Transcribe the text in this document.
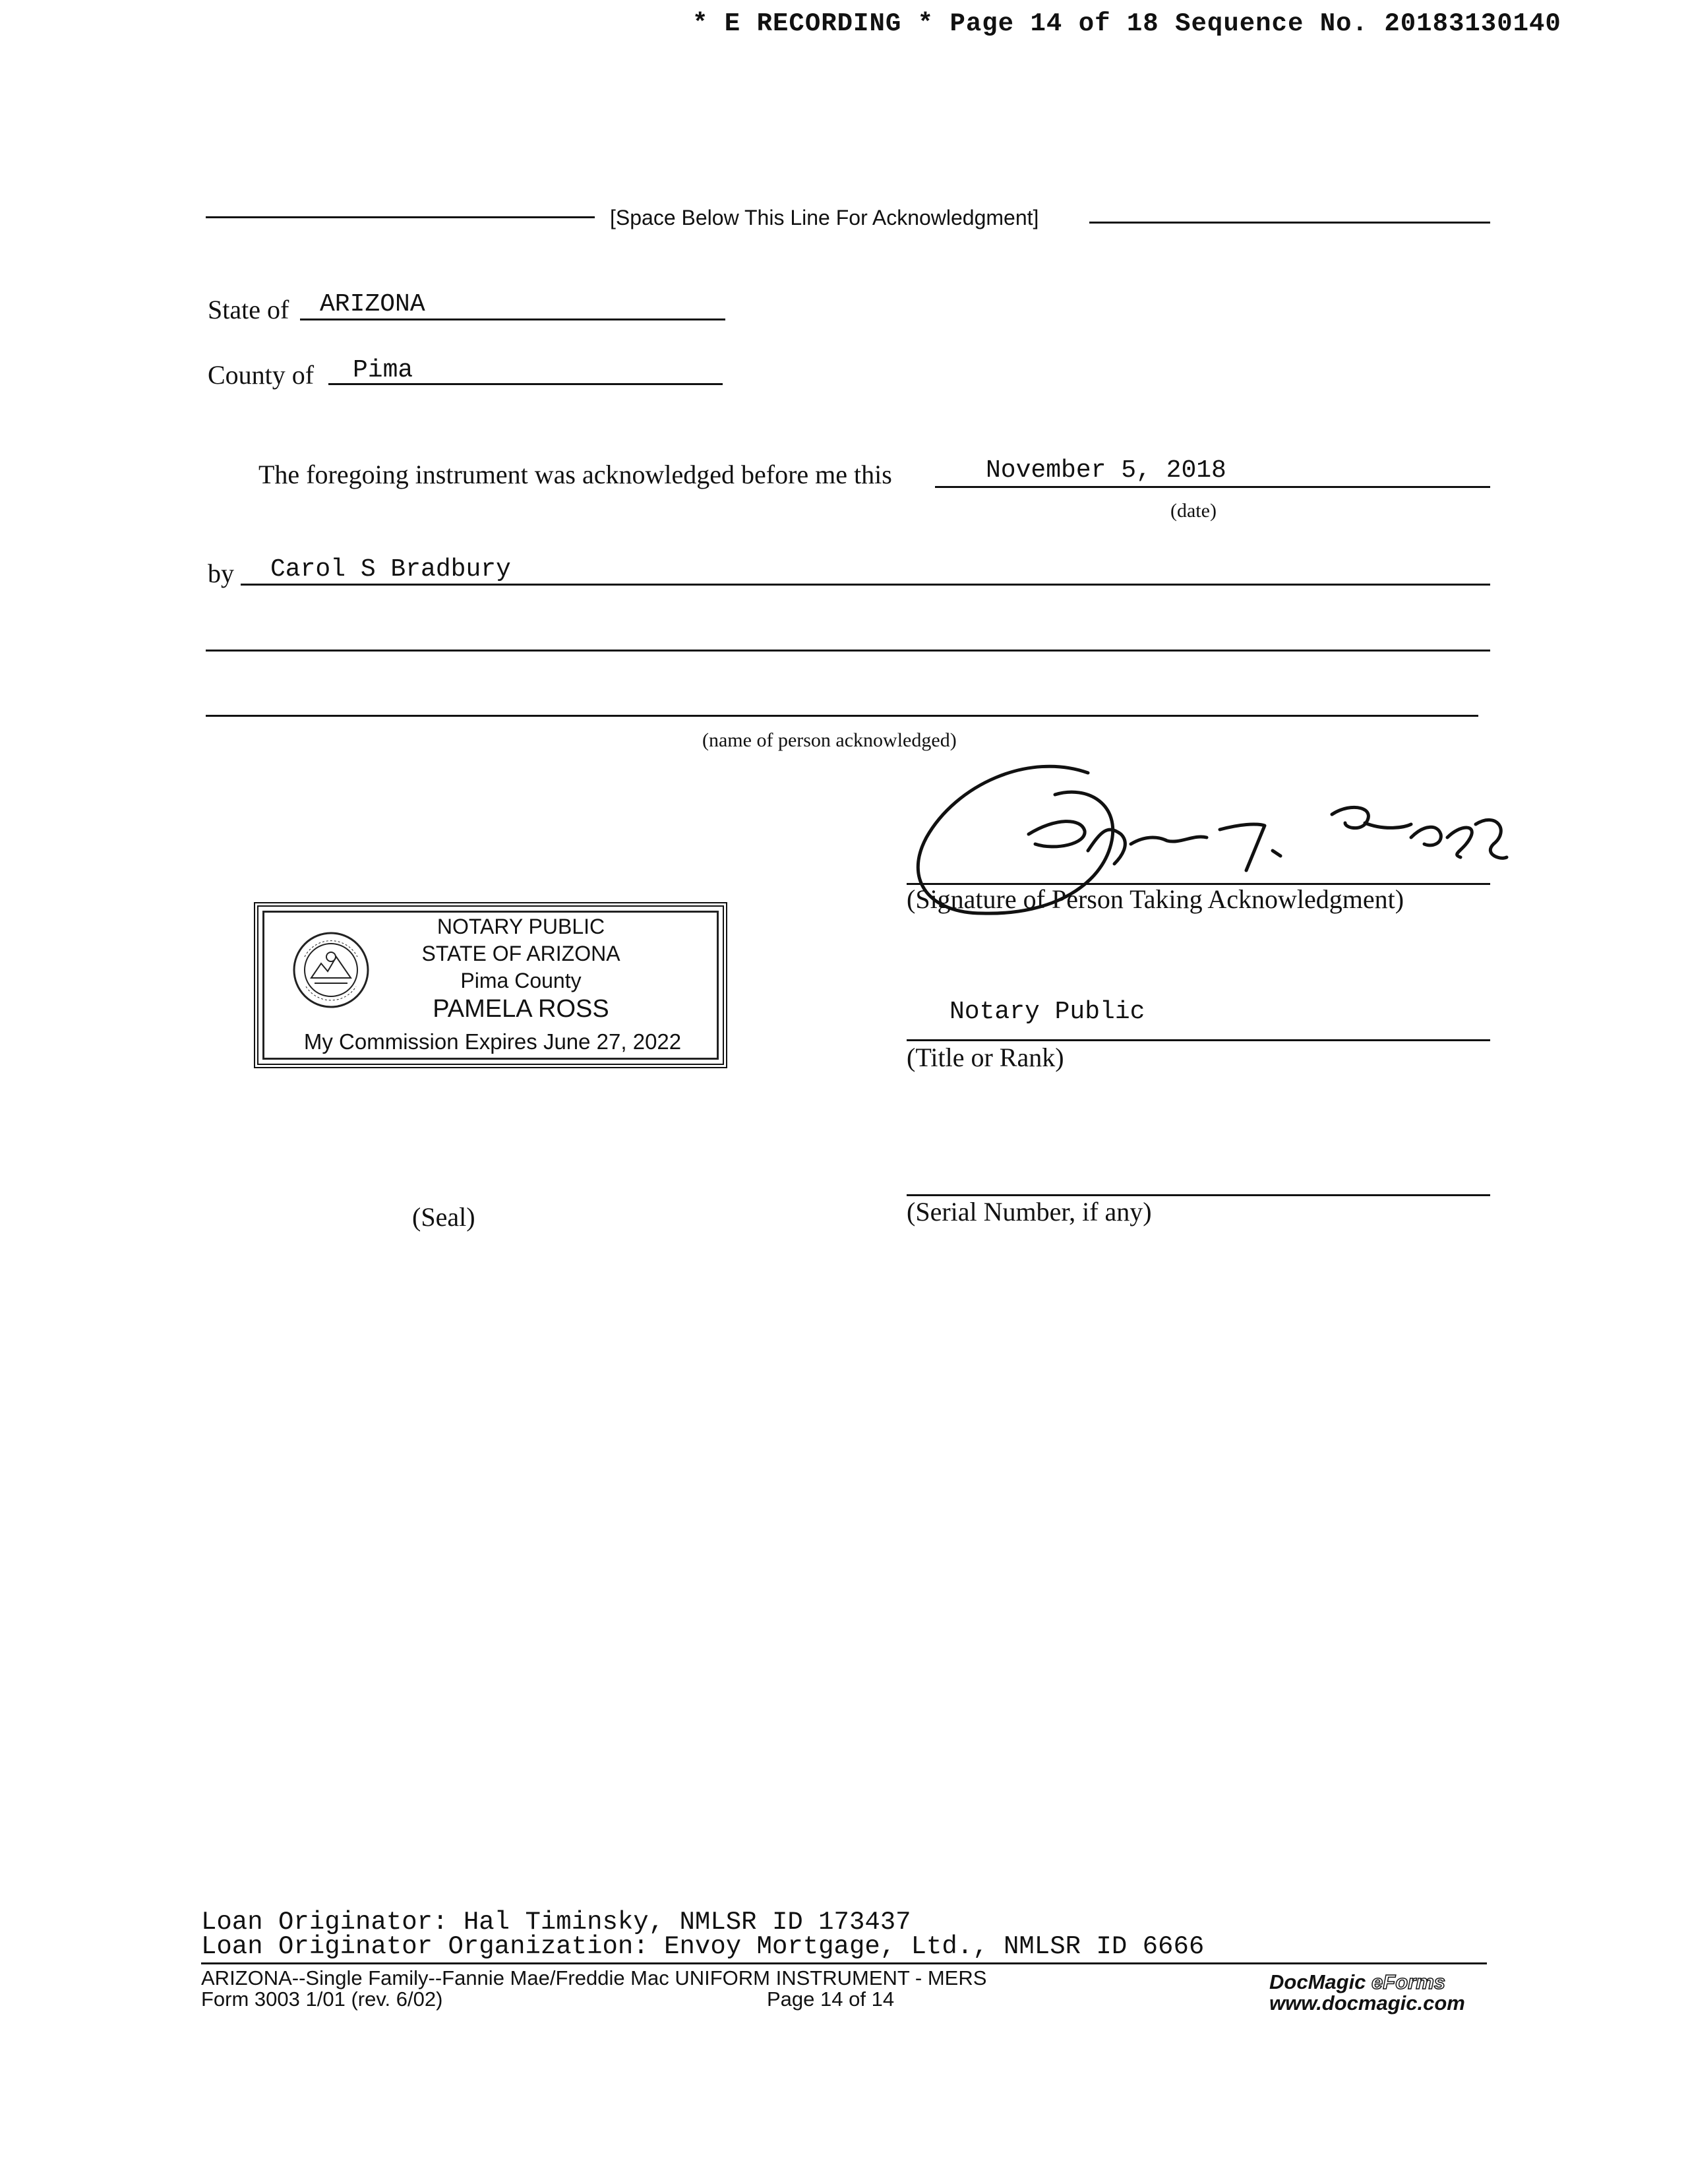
* E RECORDING * Page 14 of 18 Sequence No. 20183130140
[Space Below This Line For Acknowledgment]
State of ARIZONA
County of Pima
The foregoing instrument was acknowledged before me this	November 5, 2018
(date)
by Carol S Bradbury
(name of person acknowledged)
(Signature of Person Taking Acknowledgment)
Notary Public
(Title or Rank)
(Serial Number, if any)
NOTARY PUBLIC
STATE OF ARIZONA
Pima County
PAMELA ROSS
My Commission Expires June 27, 2022
(Seal)
Loan Originator: Hal Timinsky, NMLSR ID 173437
Loan Originator Organization: Envoy Mortgage, Ltd., NMLSR ID 6666
ARIZONA--Single Family--Fannie Mae/Freddie Mac UNIFORM INSTRUMENT - MERS
Form 3003 1/01 (rev. 6/02)	Page 14 of 14
DocMagic eForms
www.docmagic.com
